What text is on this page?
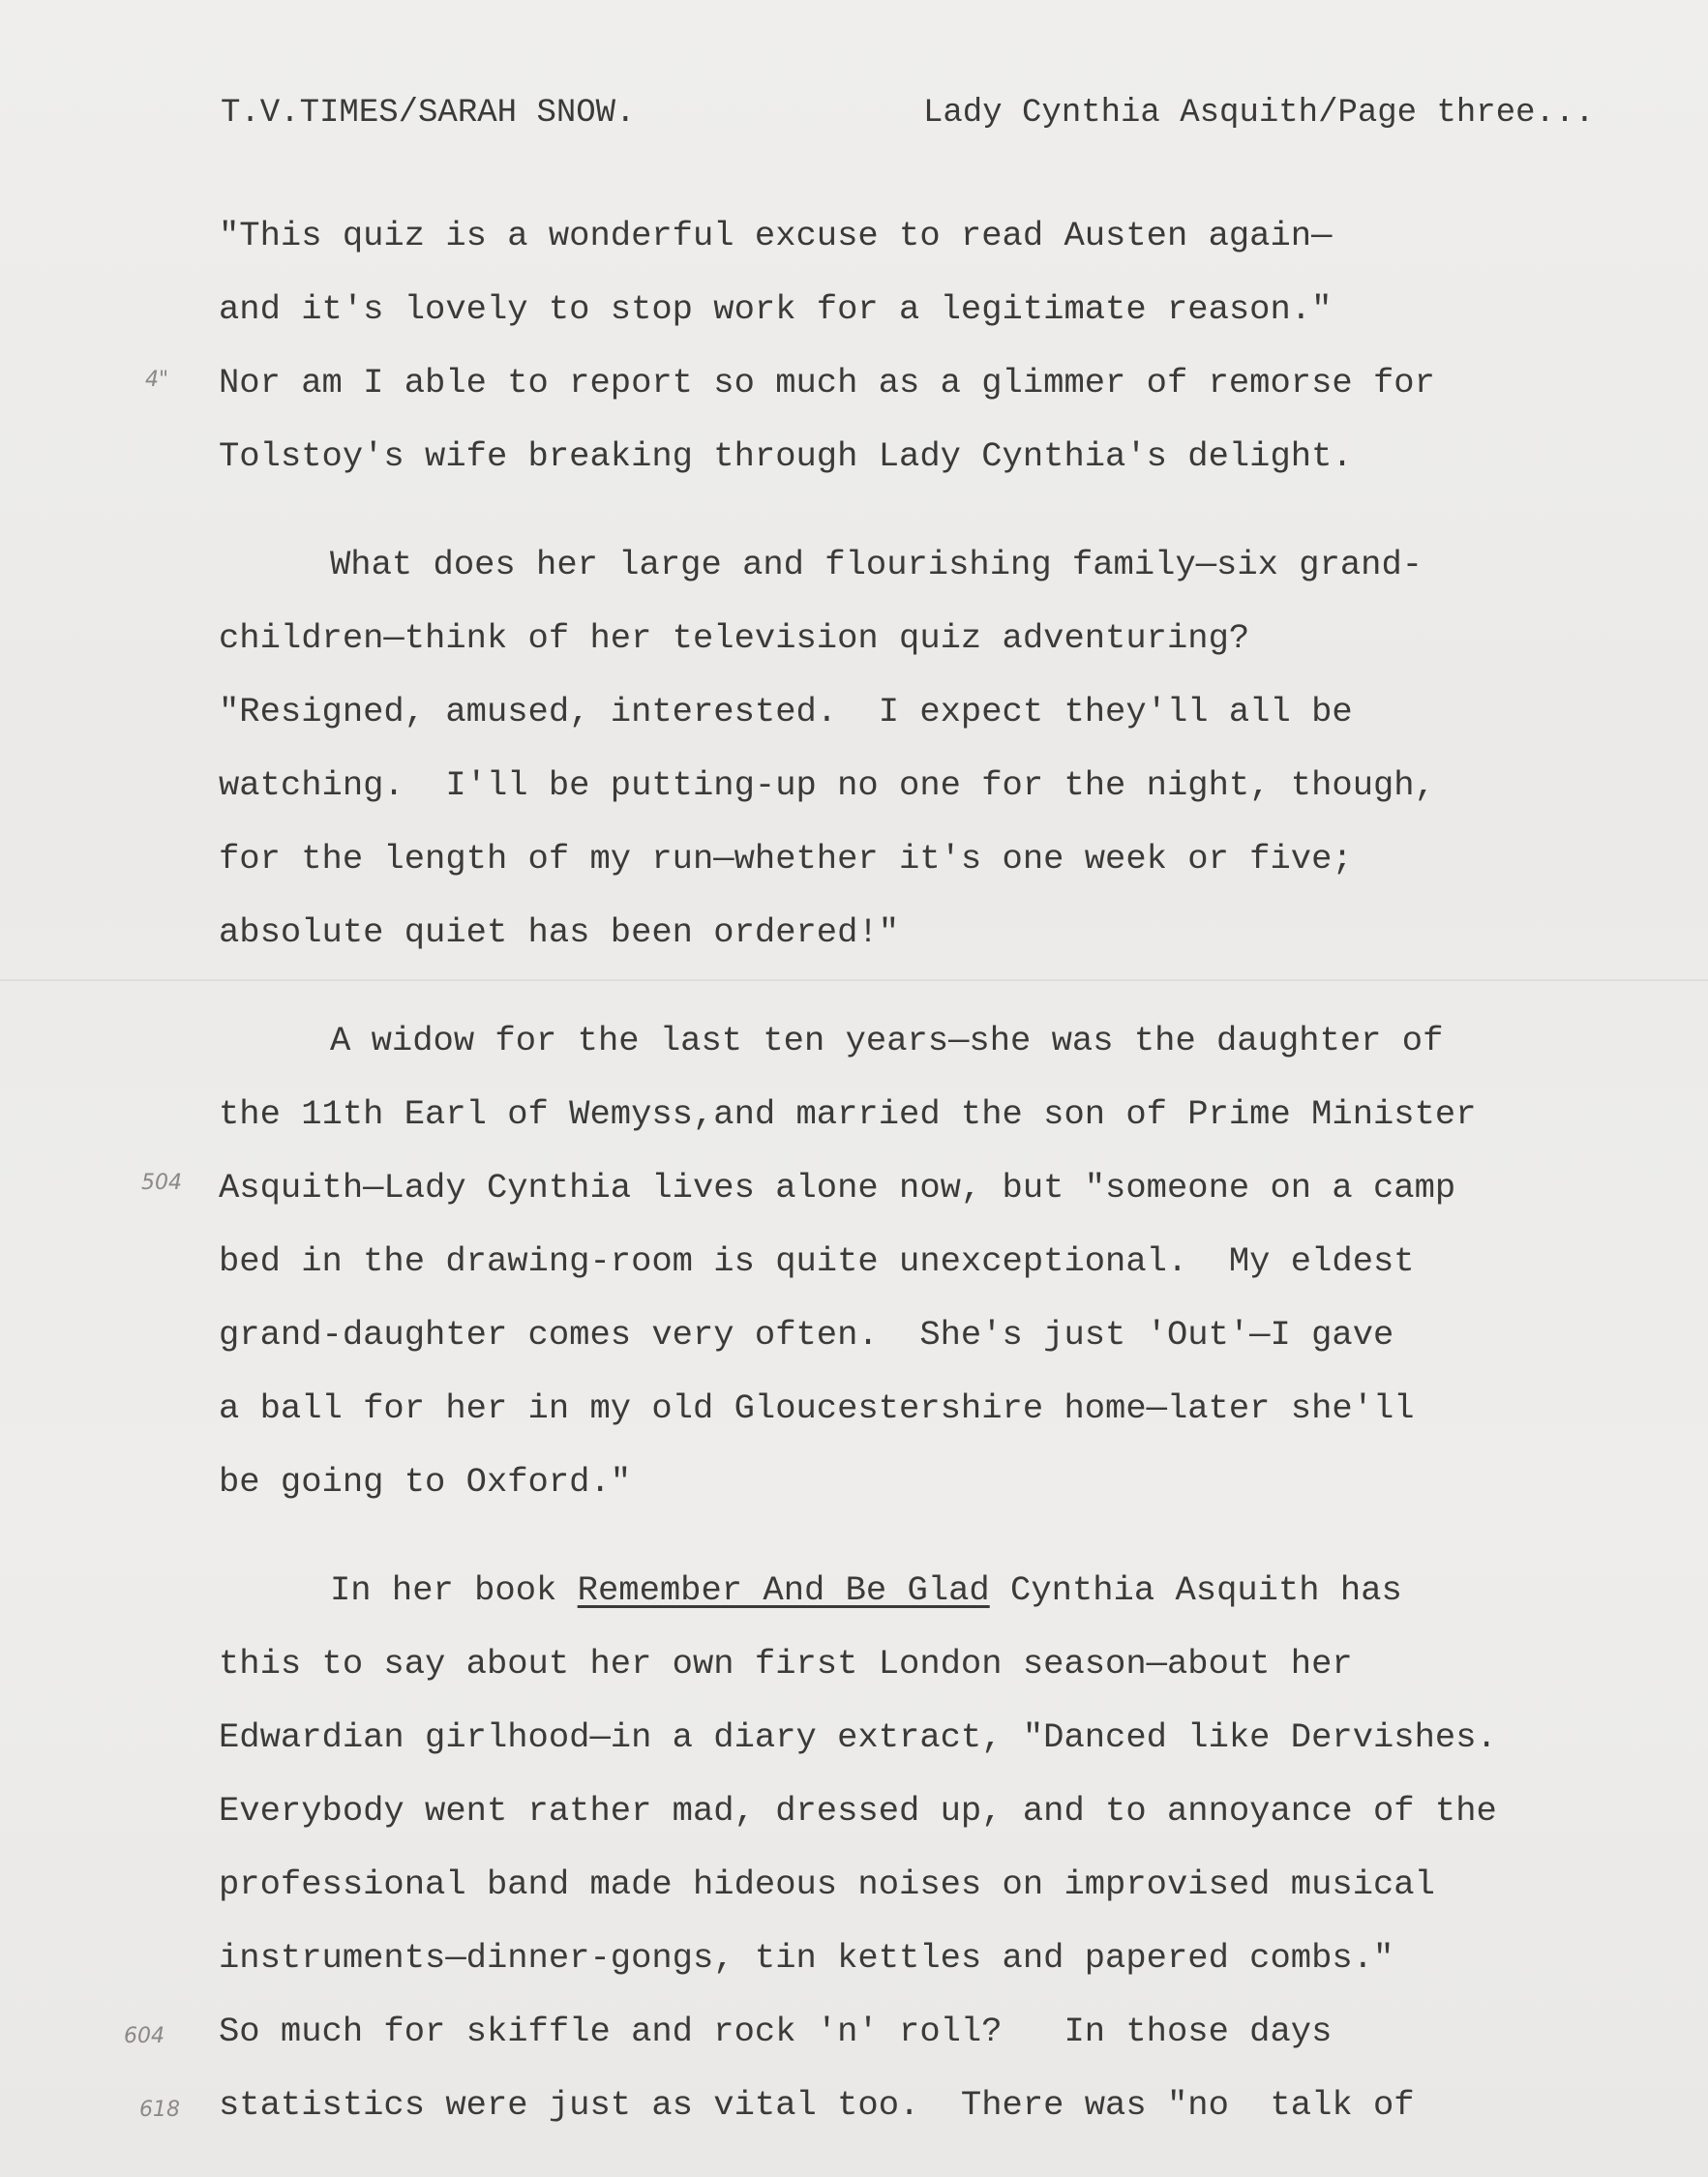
T.V.TIMES/SARAH SNOW.	Lady Cynthia Asquith/Page three...
4"
504
604
618
"This quiz is a wonderful excuse to read Austen again—
and it's lovely to stop work for a legitimate reason."
Nor am I able to report so much as a glimmer of remorse for
Tolstoy's wife breaking through Lady Cynthia's delight.
What does her large and flourishing family—six grand-
children—think of her television quiz adventuring?
"Resigned, amused, interested.  I expect they'll all be
watching.  I'll be putting-up no one for the night, though,
for the length of my run—whether it's one week or five;
absolute quiet has been ordered!"
A widow for the last ten years—she was the daughter of
the 11th Earl of Wemyss,and married the son of Prime Minister
Asquith—Lady Cynthia lives alone now, but "someone on a camp
bed in the drawing-room is quite unexceptional.  My eldest
grand-daughter comes very often.  She's just 'Out'—I gave
a ball for her in my old Gloucestershire home—later she'll
be going to Oxford."
In her book Remember And Be Glad Cynthia Asquith has
this to say about her own first London season—about her
Edwardian girlhood—in a diary extract, "Danced like Dervishes.
Everybody went rather mad, dressed up, and to annoyance of the
professional band made hideous noises on improvised musical
instruments—dinner-gongs, tin kettles and papered combs."
So much for skiffle and rock 'n' roll?   In those days
statistics were just as vital too.  There was "no  talk of
